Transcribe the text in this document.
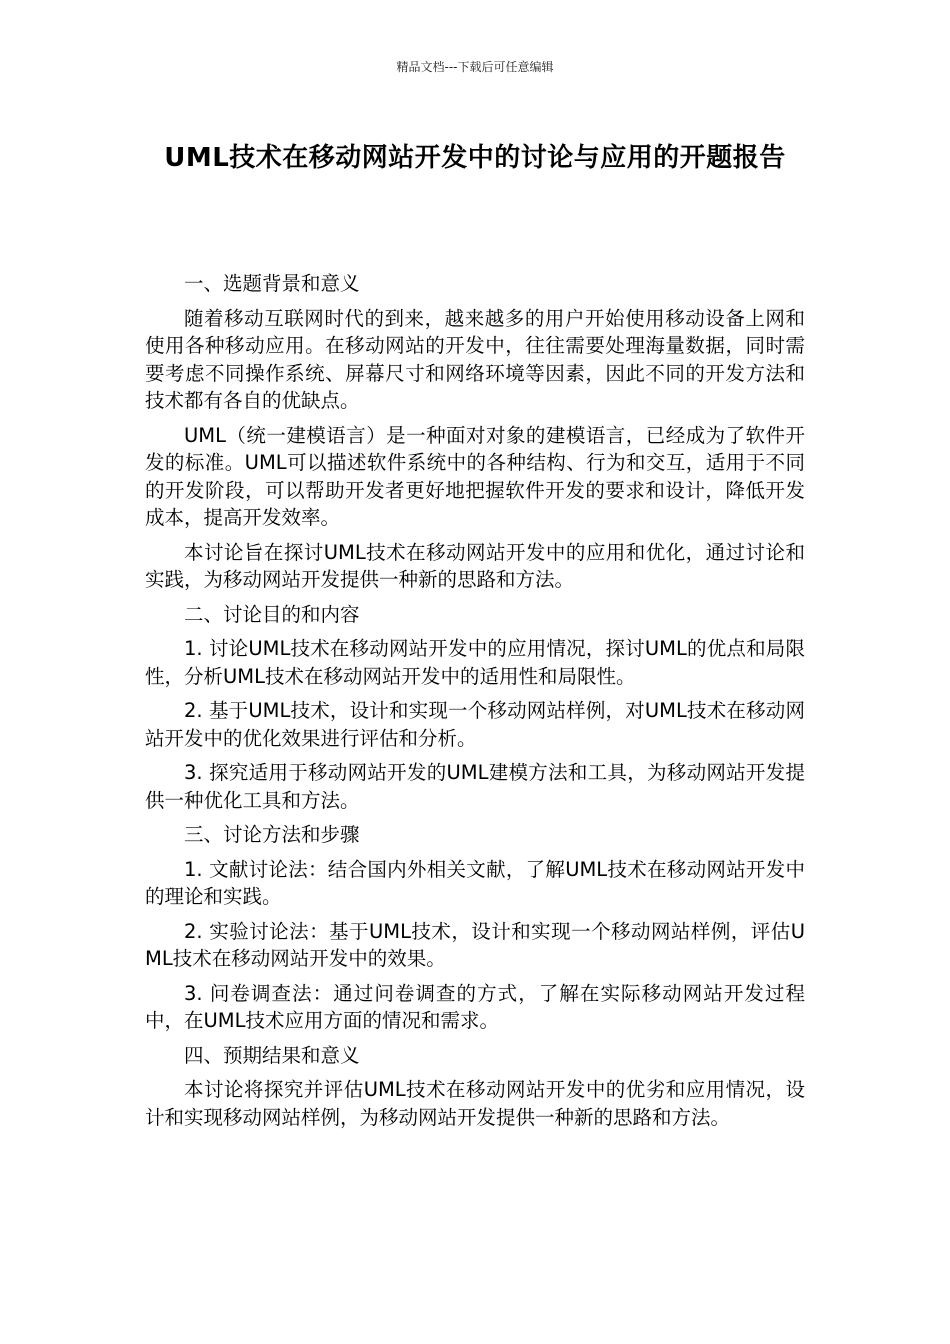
精品文档---下载后可任意编辑
UML技术在移动网站开发中的讨论与应用的开题报告

一、选题背景和意义

随着移动互联网时代的到来，越来越多的用户开始使用移动设备上网和使用各种移动应用。在移动网站的开发中，往往需要处理海量数据，同时需要考虑不同操作系统、屏幕尺寸和网络环境等因素，因此不同的开发方法和技术都有各自的优缺点。

UML（统一建模语言）是一种面对对象的建模语言，已经成为了软件开发的标准。UML可以描述软件系统中的各种结构、行为和交互，适用于不同的开发阶段，可以帮助开发者更好地把握软件开发的要求和设计，降低开发成本，提高开发效率。

本讨论旨在探讨UML技术在移动网站开发中的应用和优化，通过讨论和实践，为移动网站开发提供一种新的思路和方法。

二、讨论目的和内容

1. 讨论UML技术在移动网站开发中的应用情况，探讨UML的优点和局限性，分析UML技术在移动网站开发中的适用性和局限性。

2. 基于UML技术，设计和实现一个移动网站样例，对UML技术在移动网站开发中的优化效果进行评估和分析。

3. 探究适用于移动网站开发的UML建模方法和工具，为移动网站开发提供一种优化工具和方法。

三、讨论方法和步骤

1. 文献讨论法：结合国内外相关文献，了解UML技术在移动网站开发中的理论和实践。

2. 实验讨论法：基于UML技术，设计和实现一个移动网站样例，评估UML技术在移动网站开发中的效果。

3. 问卷调查法：通过问卷调查的方式，了解在实际移动网站开发过程中，在UML技术应用方面的情况和需求。

四、预期结果和意义

本讨论将探究并评估UML技术在移动网站开发中的优劣和应用情况，设计和实现移动网站样例，为移动网站开发提供一种新的思路和方法。
